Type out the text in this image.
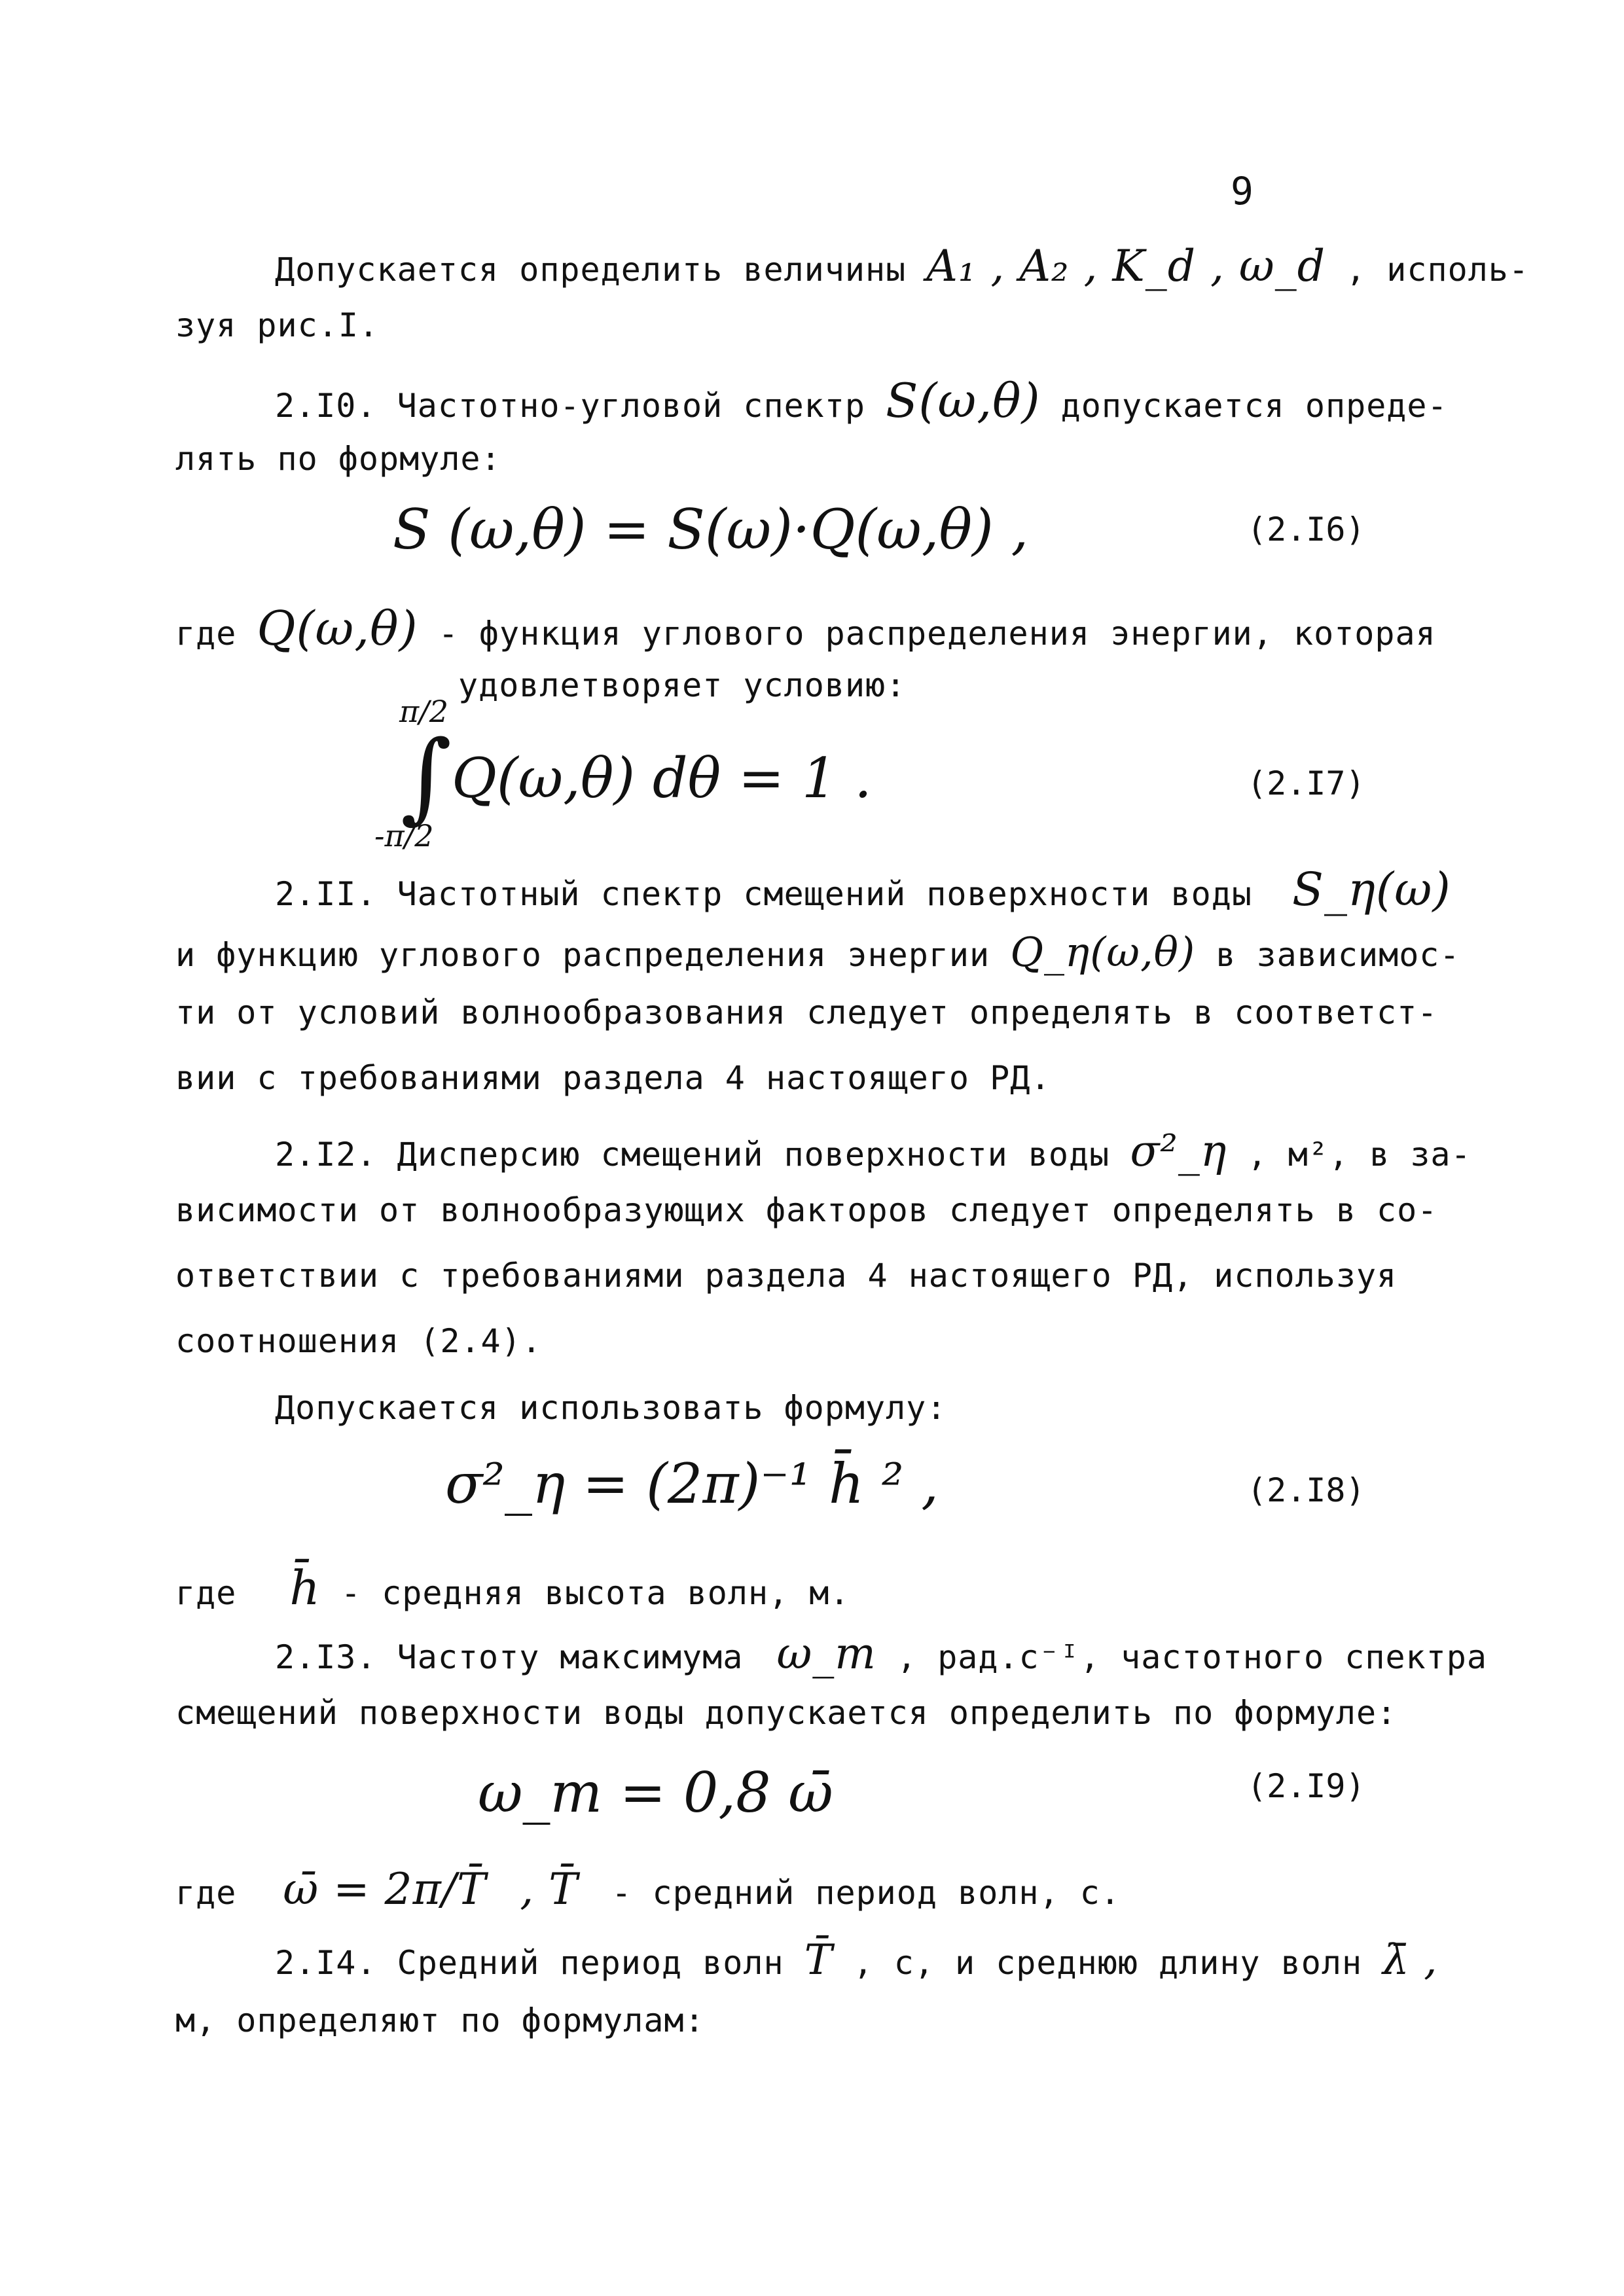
9
Допускается определить величины A₁ , A₂ , K_d , ω_d , исполь-
зуя рис.I.
2.I0. Частотно-угловой спектр S(ω,θ) допускается опреде-
лять по формуле:
S (ω,θ) = S(ω)·Q(ω,θ) ,	(2.I6)
где Q(ω,θ) - функция углового распределения энергии, которая
удовлетворяет условию:
π/2
∫
-π/2
Q(ω,θ) dθ = 1 .	(2.I7)
2.II. Частотный спектр смещений поверхности воды S_η(ω)
и функцию углового распределения энергии Q_η(ω,θ) в зависимос-
ти от условий волнообразования следует определять в соответст-
вии с требованиями раздела 4 настоящего РД.
2.I2. Дисперсию смещений поверхности воды σ²_η , м², в за-
висимости от волнообразующих факторов следует определять в со-
ответствии с требованиями раздела 4 настоящего РД, используя
соотношения (2.4).
Допускается использовать формулу:
σ²_η = (2π)⁻¹ h̄ ² ,	(2.I8)
где h̄ - средняя высота волн, м.
2.I3. Частоту максимума ω_m , рад.с⁻ᴵ, частотного спектра
смещений поверхности воды допускается определить по формуле:
ω_m = 0,8 ω̄	(2.I9)
где ω̄ = 2π/T̄ , T̄ - средний период волн, с.
2.I4. Средний период волн T̄ , с, и среднюю длину волн λ̄ ,
м, определяют по формулам:
